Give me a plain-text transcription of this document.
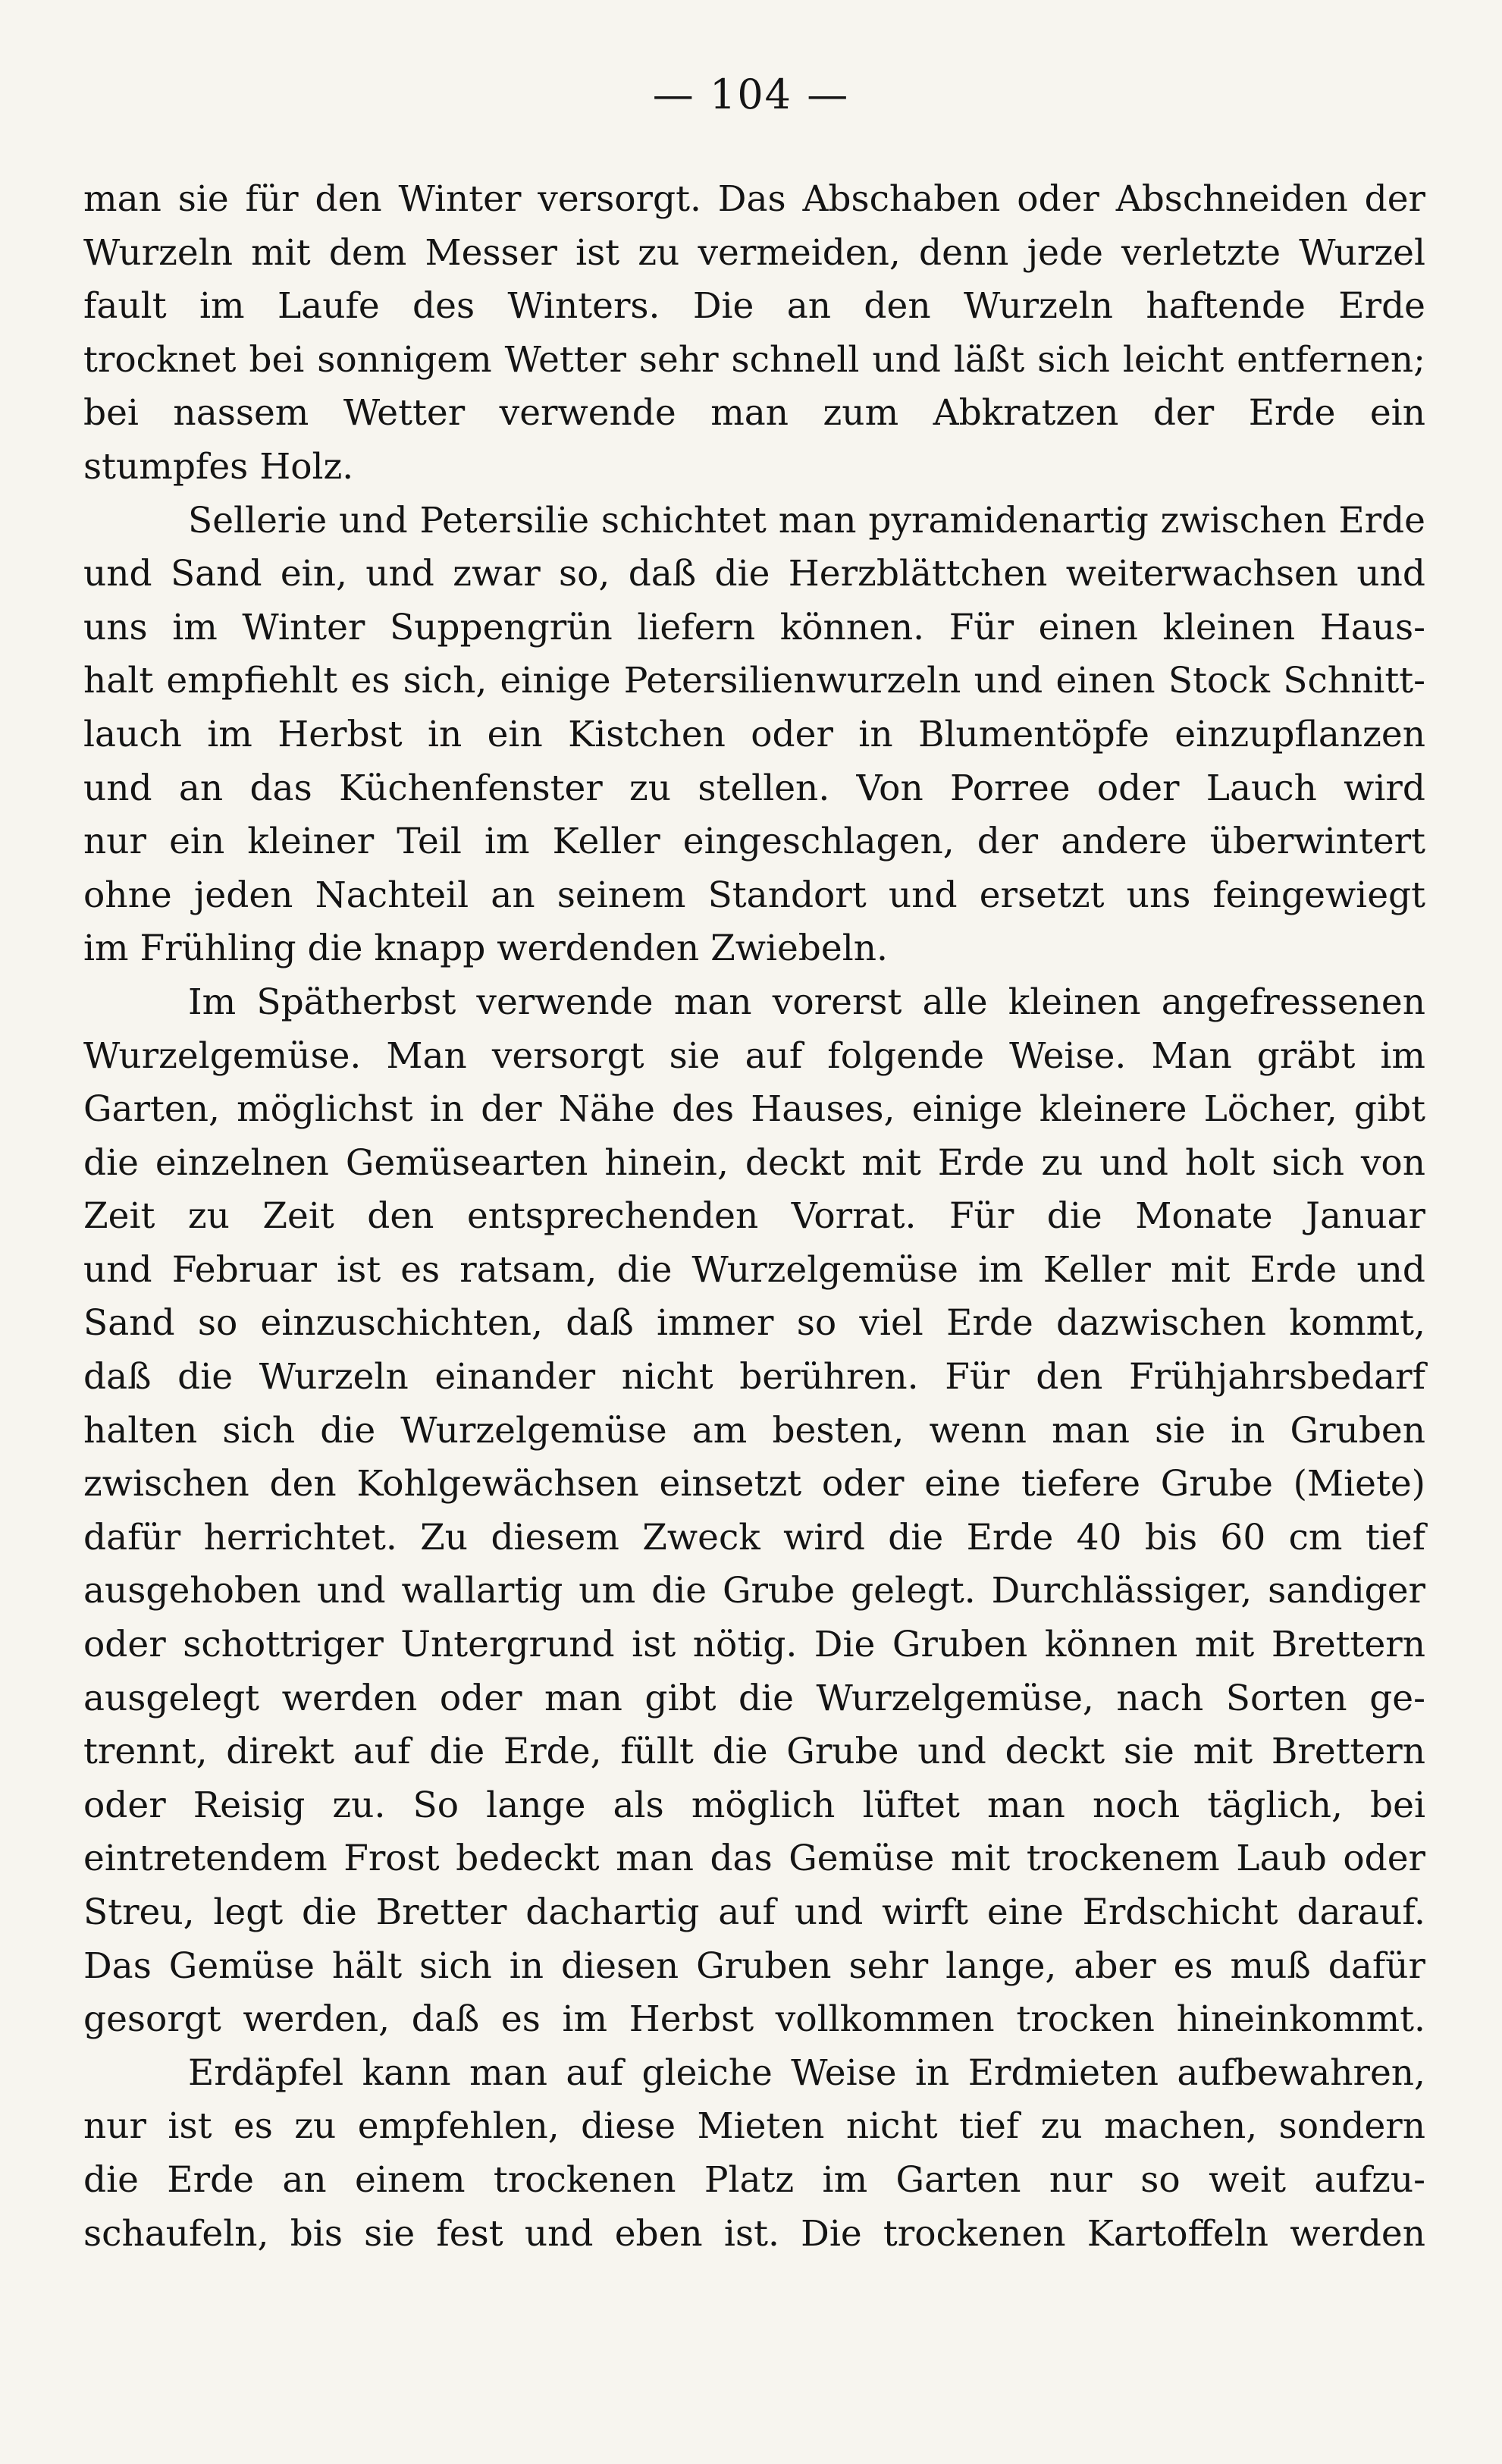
— 104 —
man sie für den Winter versorgt. Das Abschaben oder Abschneiden der
Wurzeln mit dem Messer ist zu vermeiden, denn jede verletzte Wurzel
fault im Laufe des Winters. Die an den Wurzeln haftende Erde
trocknet bei sonnigem Wetter sehr schnell und läßt sich leicht entfernen;
bei nassem Wetter verwende man zum Abkratzen der Erde ein
stumpfes Holz.
Sellerie und Petersilie schichtet man pyramidenartig zwischen Erde
und Sand ein, und zwar so, daß die Herzblättchen weiterwachsen und
uns im Winter Suppengrün liefern können. Für einen kleinen Haus-
halt empfiehlt es sich, einige Petersilienwurzeln und einen Stock Schnitt-
lauch im Herbst in ein Kistchen oder in Blumentöpfe einzupflanzen
und an das Küchenfenster zu stellen. Von Porree oder Lauch wird
nur ein kleiner Teil im Keller eingeschlagen, der andere überwintert
ohne jeden Nachteil an seinem Standort und ersetzt uns feingewiegt
im Frühling die knapp werdenden Zwiebeln.
Im Spätherbst verwende man vorerst alle kleinen angefressenen
Wurzelgemüse. Man versorgt sie auf folgende Weise. Man gräbt im
Garten, möglichst in der Nähe des Hauses, einige kleinere Löcher, gibt
die einzelnen Gemüsearten hinein, deckt mit Erde zu und holt sich von
Zeit zu Zeit den entsprechenden Vorrat. Für die Monate Januar
und Februar ist es ratsam, die Wurzelgemüse im Keller mit Erde und
Sand so einzuschichten, daß immer so viel Erde dazwischen kommt,
daß die Wurzeln einander nicht berühren. Für den Frühjahrsbedarf
halten sich die Wurzelgemüse am besten, wenn man sie in Gruben
zwischen den Kohlgewächsen einsetzt oder eine tiefere Grube (Miete)
dafür herrichtet. Zu diesem Zweck wird die Erde 40 bis 60 cm tief
ausgehoben und wallartig um die Grube gelegt. Durchlässiger, sandiger
oder schottriger Untergrund ist nötig. Die Gruben können mit Brettern
ausgelegt werden oder man gibt die Wurzelgemüse, nach Sorten ge-
trennt, direkt auf die Erde, füllt die Grube und deckt sie mit Brettern
oder Reisig zu. So lange als möglich lüftet man noch täglich, bei
eintretendem Frost bedeckt man das Gemüse mit trockenem Laub oder
Streu, legt die Bretter dachartig auf und wirft eine Erdschicht darauf.
Das Gemüse hält sich in diesen Gruben sehr lange, aber es muß dafür
gesorgt werden, daß es im Herbst vollkommen trocken hineinkommt.
Erdäpfel kann man auf gleiche Weise in Erdmieten aufbewahren,
nur ist es zu empfehlen, diese Mieten nicht tief zu machen, sondern
die Erde an einem trockenen Platz im Garten nur so weit aufzu-
schaufeln, bis sie fest und eben ist. Die trockenen Kartoffeln werden
